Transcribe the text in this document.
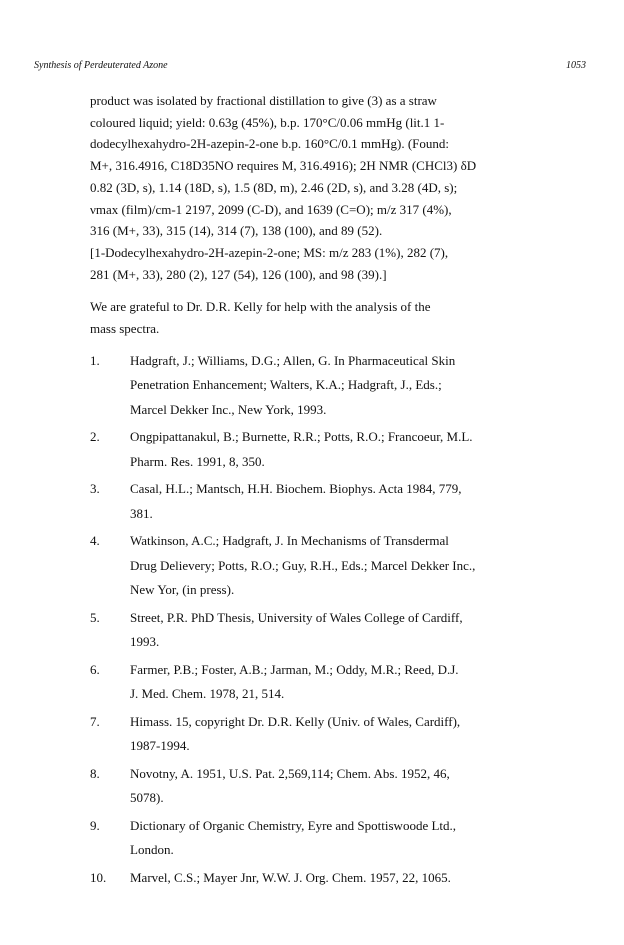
Synthesis of Perdeuterated Azone	1053
product was isolated by fractional distillation to give (3) as a straw
coloured liquid; yield: 0.63g (45%), b.p. 170°C/0.06 mmHg (lit.1 1-
dodecylhexahydro-2H-azepin-2-one b.p. 160°C/0.1 mmHg). (Found:
M+, 316.4916, C18D35NO requires M, 316.4916); 2H NMR (CHCl3) δD
0.82 (3D, s), 1.14 (18D, s), 1.5 (8D, m), 2.46 (2D, s), and 3.28 (4D, s);
νmax (film)/cm-1 2197, 2099 (C-D), and 1639 (C=O); m/z 317 (4%),
316 (M+, 33), 315 (14), 314 (7), 138 (100), and 89 (52).
[1-Dodecylhexahydro-2H-azepin-2-one; MS: m/z 283 (1%), 282 (7),
281 (M+, 33), 280 (2), 127 (54), 126 (100), and 98 (39).]
We are grateful to Dr. D.R. Kelly for help with the analysis of the
mass spectra.
1.	Hadgraft, J.; Williams, D.G.; Allen, G. In Pharmaceutical Skin
Penetration Enhancement; Walters, K.A.; Hadgraft, J., Eds.;
Marcel Dekker Inc., New York, 1993.
2.	Ongpipattanakul, B.; Burnette, R.R.; Potts, R.O.; Francoeur, M.L.
Pharm. Res. 1991, 8, 350.
3.	Casal, H.L.; Mantsch, H.H. Biochem. Biophys. Acta 1984, 779,
381.
4.	Watkinson, A.C.; Hadgraft, J. In Mechanisms of Transdermal
Drug Delievery; Potts, R.O.; Guy, R.H., Eds.; Marcel Dekker Inc.,
New Yor, (in press).
5.	Street, P.R. PhD Thesis, University of Wales College of Cardiff,
1993.
6.	Farmer, P.B.; Foster, A.B.; Jarman, M.; Oddy, M.R.; Reed, D.J.
J. Med. Chem. 1978, 21, 514.
7.	Himass. 15, copyright Dr. D.R. Kelly (Univ. of Wales, Cardiff),
1987-1994.
8.	Novotny, A. 1951, U.S. Pat. 2,569,114; Chem. Abs. 1952, 46,
5078).
9.	Dictionary of Organic Chemistry, Eyre and Spottiswoode Ltd.,
London.
10.	Marvel, C.S.; Mayer Jnr, W.W. J. Org. Chem. 1957, 22, 1065.
